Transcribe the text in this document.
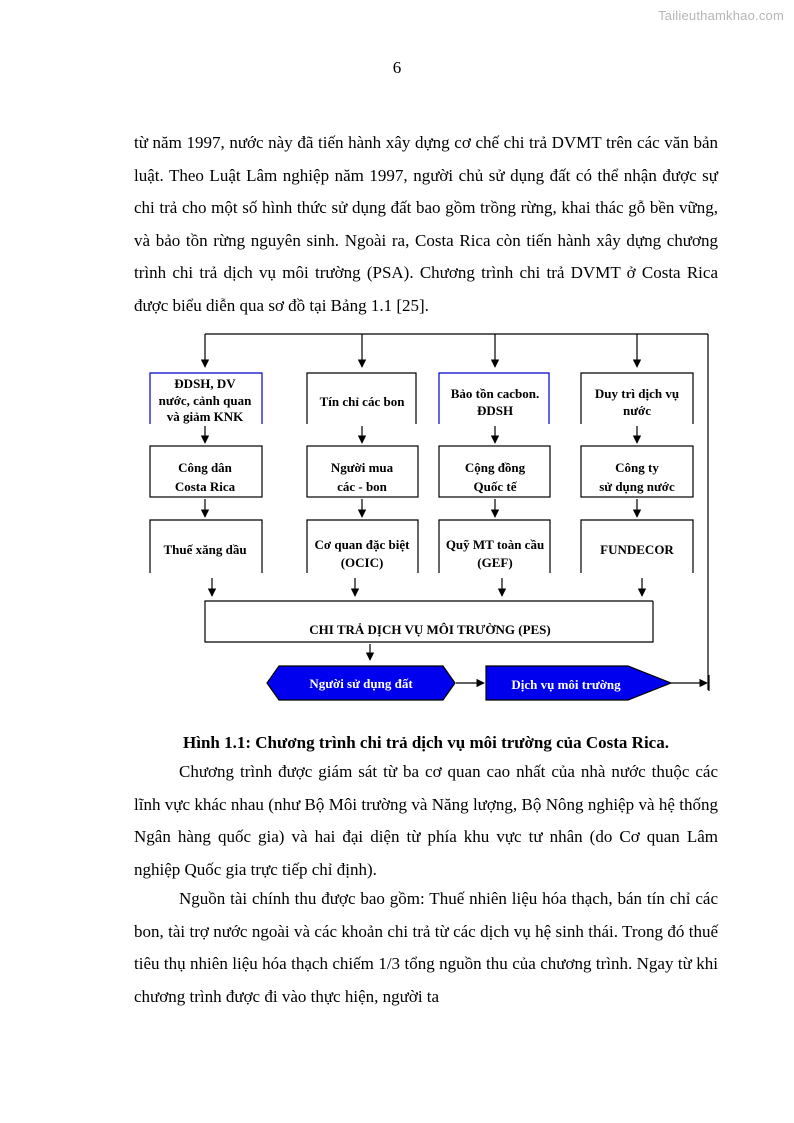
Tailieuthamkhao.com
6

từ năm 1997, nước này đã tiến hành xây dựng cơ chế chi trả DVMT trên các văn bản luật. Theo Luật Lâm nghiệp năm 1997, người chủ sử dụng đất có thể nhận được sự chi trả cho một số hình thức sử dụng đất bao gồm trồng rừng, khai thác gỗ bền vững, và bảo tồn rừng nguyên sinh. Ngoài ra, Costa Rica còn tiến hành xây dựng chương trình chi trả dịch vụ môi trường (PSA). Chương trình chi trả DVMT ở Costa Rica được biểu diễn qua sơ đồ tại Bảng 1.1 [25].

ĐDSH, DV
nước, cảnh quan
và giảm KNK
Tín chỉ các bon
Bảo tồn cacbon.
ĐDSH
Duy trì dịch vụ
nước
Công dân
Costa Rica
Người mua
các - bon
Cộng đồng
Quốc tế
Công ty
sử dụng nước
Thuế xăng dầu	Cơ quan đặc biệt
(OCIC)
Quỹ MT toàn cầu
(GEF)
FUNDECOR
CHI TRẢ DỊCH VỤ MÔI TRƯỜNG (PES)
Người sử dụng đất	Dịch vụ môi trường
Hình 1.1: Chương trình chi trả dịch vụ môi trường của Costa Rica.

Chương trình được giám sát từ ba cơ quan cao nhất của nhà nước thuộc các lĩnh vực khác nhau (như Bộ Môi trường và Năng lượng, Bộ Nông nghiệp và hệ thống Ngân hàng quốc gia) và hai đại diện từ phía khu vực tư nhân (do Cơ quan Lâm nghiệp Quốc gia trực tiếp chỉ định).

Nguồn tài chính thu được bao gồm: Thuế nhiên liệu hóa thạch, bán tín chỉ các bon, tài trợ nước ngoài và các khoản chi trả từ các dịch vụ hệ sinh thái. Trong đó thuế tiêu thụ nhiên liệu hóa thạch chiếm 1/3 tổng nguồn thu của chương trình. Ngay từ khi chương trình được đi vào thực hiện, người ta
